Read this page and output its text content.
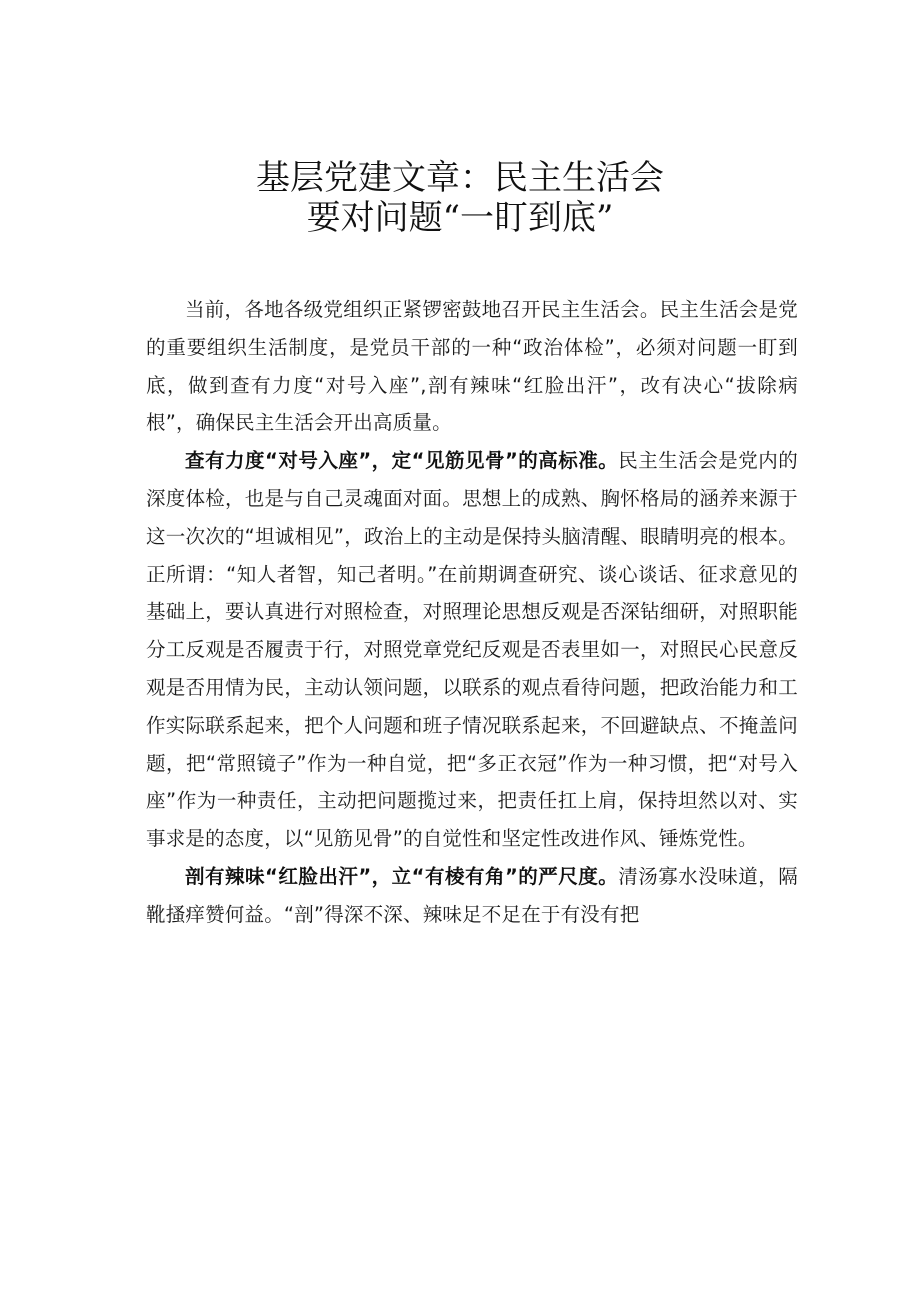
基层党建文章：民主生活会
要对问题“一盯到底”

当前，各地各级党组织正紧锣密鼓地召开民主生活会。民主生活会是党的重要组织生活制度，是党员干部的一种“政治体检”，必须对问题一盯到底，做到查有力度“对号入座”,剖有辣味“红脸出汗”，改有决心“拔除病根”，确保民主生活会开出高质量。

查有力度“对号入座”，定“见筋见骨”的高标准。民主生活会是党内的深度体检，也是与自己灵魂面对面。思想上的成熟、胸怀格局的涵养来源于这一次次的“坦诚相见”，政治上的主动是保持头脑清醒、眼睛明亮的根本。正所谓：“知人者智，知己者明。”在前期调查研究、谈心谈话、征求意见的基础上，要认真进行对照检查，对照理论思想反观是否深钻细研，对照职能分工反观是否履责于行，对照党章党纪反观是否表里如一，对照民心民意反观是否用情为民，主动认领问题，以联系的观点看待问题，把政治能力和工作实际联系起来，把个人问题和班子情况联系起来，不回避缺点、不掩盖问题，把“常照镜子”作为一种自觉，把“多正衣冠”作为一种习惯，把“对号入座”作为一种责任，主动把问题揽过来，把责任扛上肩，保持坦然以对、实事求是的态度，以“见筋见骨”的自觉性和坚定性改进作风、锤炼党性。

剖有辣味“红脸出汗”，立“有棱有角”的严尺度。清汤寡水没味道，隔靴搔痒赞何益。“剖”得深不深、辣味足不足在于有没有把
